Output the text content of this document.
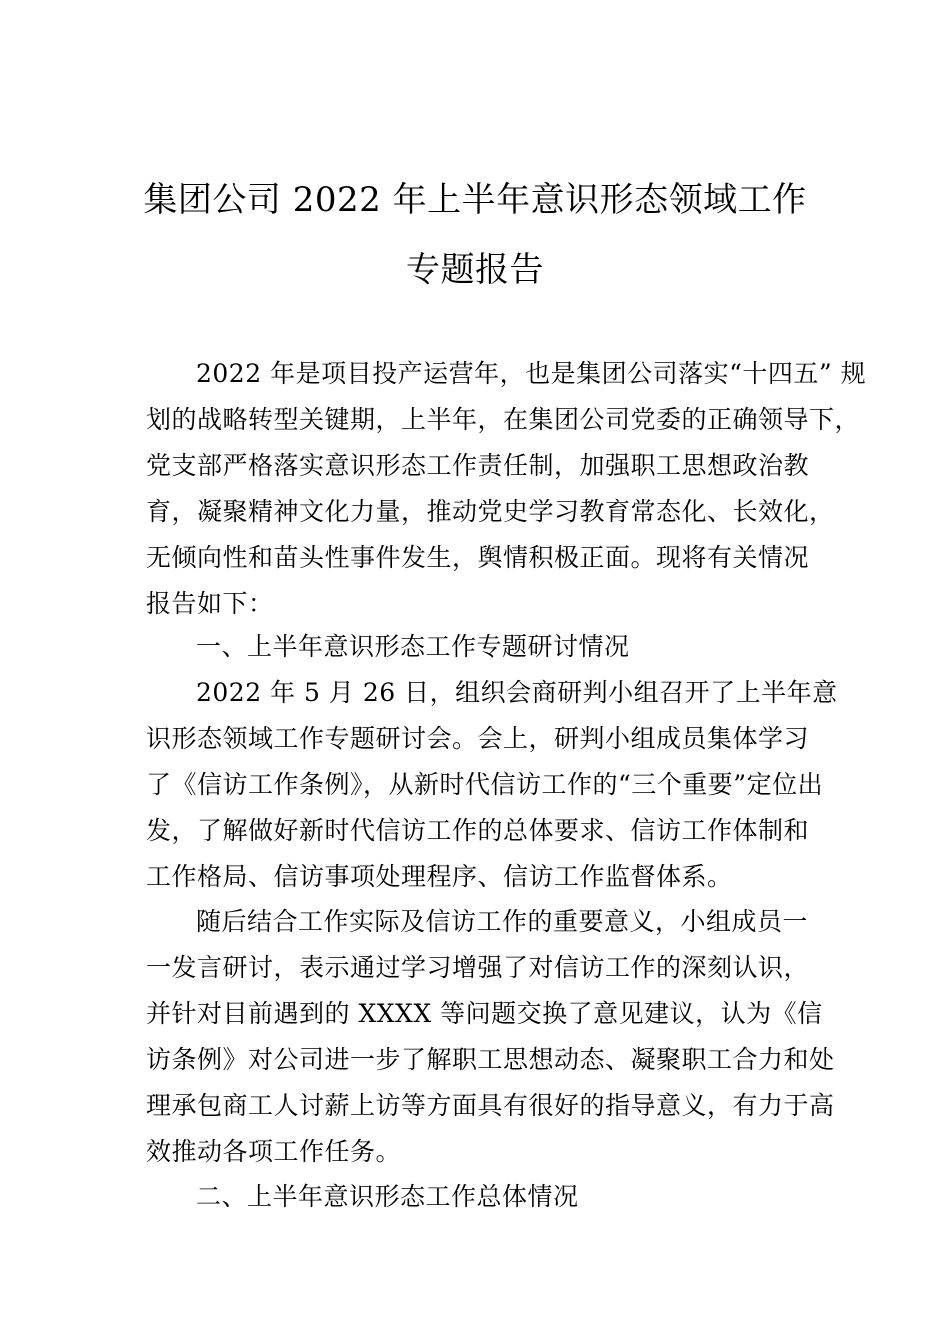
集团公司 2022 年上半年意识形态领域工作
专题报告
2022 年是项目投产运营年，也是集团公司落实“十四五” 规
划的战略转型关键期，上半年，在集团公司党委的正确领导下，
党支部严格落实意识形态工作责任制，加强职工思想政治教
育，凝聚精神文化力量，推动党史学习教育常态化、长效化，
无倾向性和苗头性事件发生，舆情积极正面。现将有关情况
报告如下：
一、上半年意识形态工作专题研讨情况
2022 年 5 月 26 日，组织会商研判小组召开了上半年意
识形态领域工作专题研讨会。会上，研判小组成员集体学习
了《信访工作条例》，从新时代信访工作的“三个重要”定位出
发，了解做好新时代信访工作的总体要求、信访工作体制和
工作格局、信访事项处理程序、信访工作监督体系。
随后结合工作实际及信访工作的重要意义，小组成员一
一发言研讨，表示通过学习增强了对信访工作的深刻认识，
并针对目前遇到的 XXXX 等问题交换了意见建议，认为《信
访条例》对公司进一步了解职工思想动态、凝聚职工合力和处
理承包商工人讨薪上访等方面具有很好的指导意义，有力于高
效推动各项工作任务。
二、上半年意识形态工作总体情况
